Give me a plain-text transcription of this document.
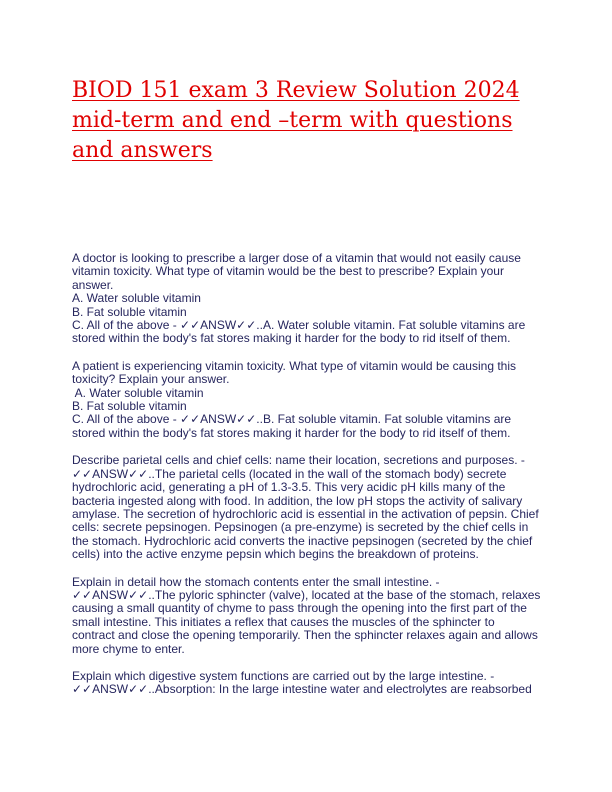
BIOD 151 exam 3 Review Solution 2024
mid-term and end –term with questions
and answers
A doctor is looking to prescribe a larger dose of a vitamin that would not easily cause
vitamin toxicity. What type of vitamin would be the best to prescribe? Explain your
answer.
A. Water soluble vitamin
B. Fat soluble vitamin
C. All of the above - ✓✓ANSW✓✓..A. Water soluble vitamin. Fat soluble vitamins are
stored within the body's fat stores making it harder for the body to rid itself of them.
A patient is experiencing vitamin toxicity. What type of vitamin would be causing this
toxicity? Explain your answer.
A. Water soluble vitamin
B. Fat soluble vitamin
C. All of the above - ✓✓ANSW✓✓..B. Fat soluble vitamin. Fat soluble vitamins are
stored within the body's fat stores making it harder for the body to rid itself of them.
Describe parietal cells and chief cells: name their location, secretions and purposes. -
✓✓ANSW✓✓..The parietal cells (located in the wall of the stomach body) secrete
hydrochloric acid, generating a pH of 1.3-3.5. This very acidic pH kills many of the
bacteria ingested along with food. In addition, the low pH stops the activity of salivary
amylase. The secretion of hydrochloric acid is essential in the activation of pepsin. Chief
cells: secrete pepsinogen. Pepsinogen (a pre-enzyme) is secreted by the chief cells in
the stomach. Hydrochloric acid converts the inactive pepsinogen (secreted by the chief
cells) into the active enzyme pepsin which begins the breakdown of proteins.
Explain in detail how the stomach contents enter the small intestine. -
✓✓ANSW✓✓..The pyloric sphincter (valve), located at the base of the stomach, relaxes
causing a small quantity of chyme to pass through the opening into the first part of the
small intestine. This initiates a reflex that causes the muscles of the sphincter to
contract and close the opening temporarily. Then the sphincter relaxes again and allows
more chyme to enter.
Explain which digestive system functions are carried out by the large intestine. -
✓✓ANSW✓✓..Absorption: In the large intestine water and electrolytes are reabsorbed
